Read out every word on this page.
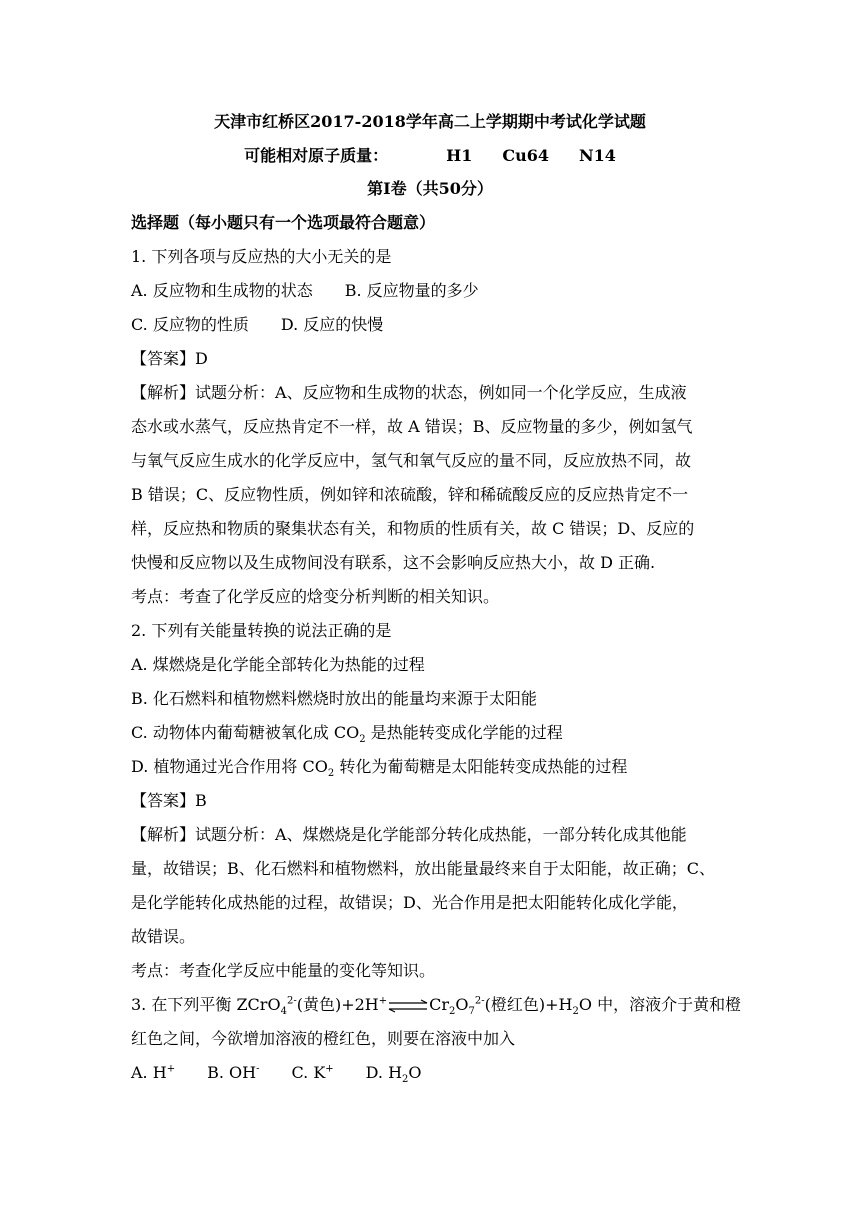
天津市红桥区2017-2018学年高二上学期期中考试化学试题
可能相对原子质量：	H1 Cu64 N14
第Ⅰ卷（共50分）
选择题（每小题只有一个选项最符合题意）
1. 下列各项与反应热的大小无关的是
A. 反应物和生成物的状态 B. 反应物量的多少
C. 反应物的性质 D. 反应的快慢
【答案】D
【解析】试题分析：A、反应物和生成物的状态，例如同一个化学反应，生成液
态水或水蒸气，反应热肯定不一样，故 A 错误；B、反应物量的多少，例如氢气
与氧气反应生成水的化学反应中，氢气和氧气反应的量不同，反应放热不同，故
B 错误；C、反应物性质，例如锌和浓硫酸，锌和稀硫酸反应的反应热肯定不一
样，反应热和物质的聚集状态有关，和物质的性质有关，故 C 错误；D、反应的
快慢和反应物以及生成物间没有联系，这不会影响反应热大小，故 D 正确.
考点：考查了化学反应的焓变分析判断的相关知识。
2. 下列有关能量转换的说法正确的是
A. 煤燃烧是化学能全部转化为热能的过程
B. 化石燃料和植物燃料燃烧时放出的能量均来源于太阳能
C. 动物体内葡萄糖被氧化成 $CO_2$ 是热能转变成化学能的过程
D. 植物通过光合作用将 $CO_2$ 转化为葡萄糖是太阳能转变成热能的过程
【答案】B
【解析】试题分析：A、煤燃烧是化学能部分转化成热能，一部分转化成其他能
量，故错误；B、化石燃料和植物燃料，放出能量最终来自于太阳能，故正确；C、
是化学能转化成热能的过程，故错误；D、光合作用是把太阳能转化成化学能，
故错误。
考点：考查化学反应中能量的变化等知识。
3. 在下列平衡 ZCrO$_4^{2-}$(黄色)$+2H^+\rightleftharpoons Cr_2O_7^{2-}$(橙红色)$+H_2O$ 中，溶液介于黄和橙
红色之间，今欲增加溶液的橙红色，则要在溶液中加入
A. H+ B. OH- C. K+ D. $H_2O$
